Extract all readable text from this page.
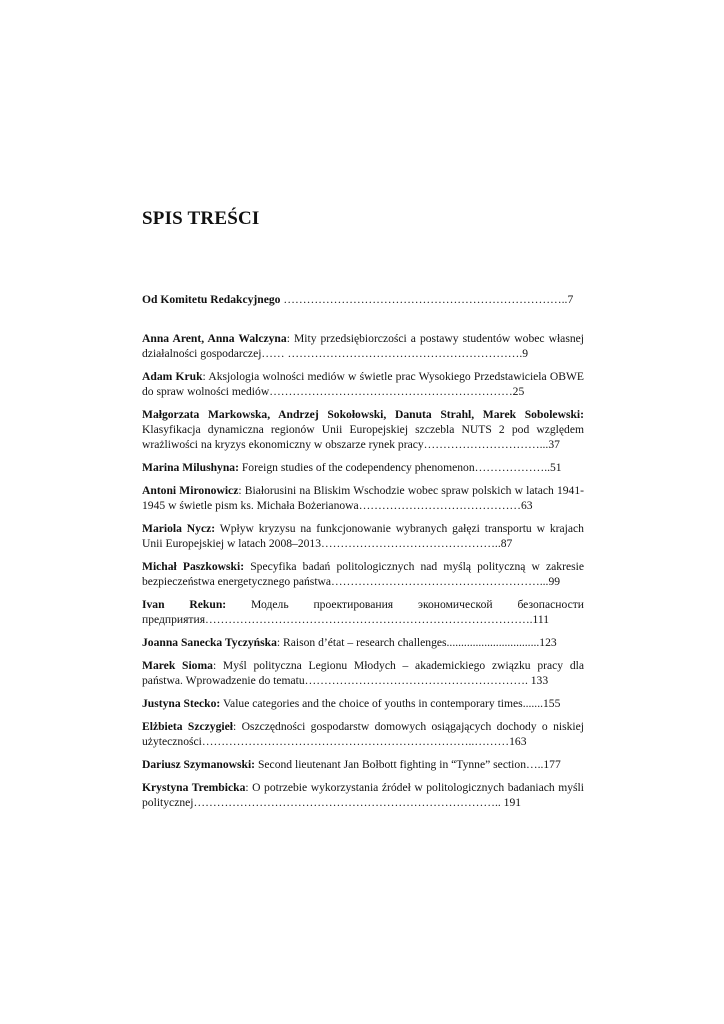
SPIS TREŚCI

Od Komitetu Redakcyjnego ………………………………………………………………..7

Anna Arent, Anna Walczyna: Mity przedsiębiorczości a postawy studentów wobec własnej działalności gospodarczej…… …………………………………………………….9

Adam Kruk: Aksjologia wolności mediów w świetle prac Wysokiego Przedstawiciela OBWE do spraw wolności mediów………………………………………………………25

Małgorzata Markowska, Andrzej Sokołowski, Danuta Strahl, Marek Sobolewski: Klasyfikacja dynamiczna regionów Unii Europejskiej szczebla NUTS 2 pod względem wrażliwości na kryzys ekonomiczny w obszarze rynek pracy…………………………...37

Marina Milushyna: Foreign studies of the codependency phenomenon………………..51

Antoni Mironowicz: Białorusini na Bliskim Wschodzie wobec spraw polskich w latach 1941-1945 w świetle pism ks. Michała Bożerianowa……………………………………63

Mariola Nycz: Wpływ kryzysu na funkcjonowanie wybranych gałęzi transportu w krajach Unii Europejskiej w latach 2008–2013………………………………………..87

Michał Paszkowski: Specyfika badań politologicznych nad myślą polityczną w zakresie bezpieczeństwa energetycznego państwa………………………………………………...99

Ivan Rekun: Модель проектирования экономической безопасности предприятия………………………………………………………………………….111

Joanna Sanecka Tyczyńska: Raison d’état – research challenges................................123

Marek Sioma: Myśl polityczna Legionu Młodych – akademickiego związku pracy dla państwa. Wprowadzenie do tematu…………………………………………………. 133

Justyna Stecko: Value categories and the choice of youths in contemporary times.......155

Elżbieta Szczygieł: Oszczędności gospodarstw domowych osiągających dochody o niskiej użyteczności……………………………………………………………..………163

Dariusz Szymanowski: Second lieutenant Jan Bołbott fighting in “Tynne” section…..177

Krystyna Trembicka: O potrzebie wykorzystania źródeł w politologicznych badaniach myśli politycznej…………………………………………………………………….. 191
